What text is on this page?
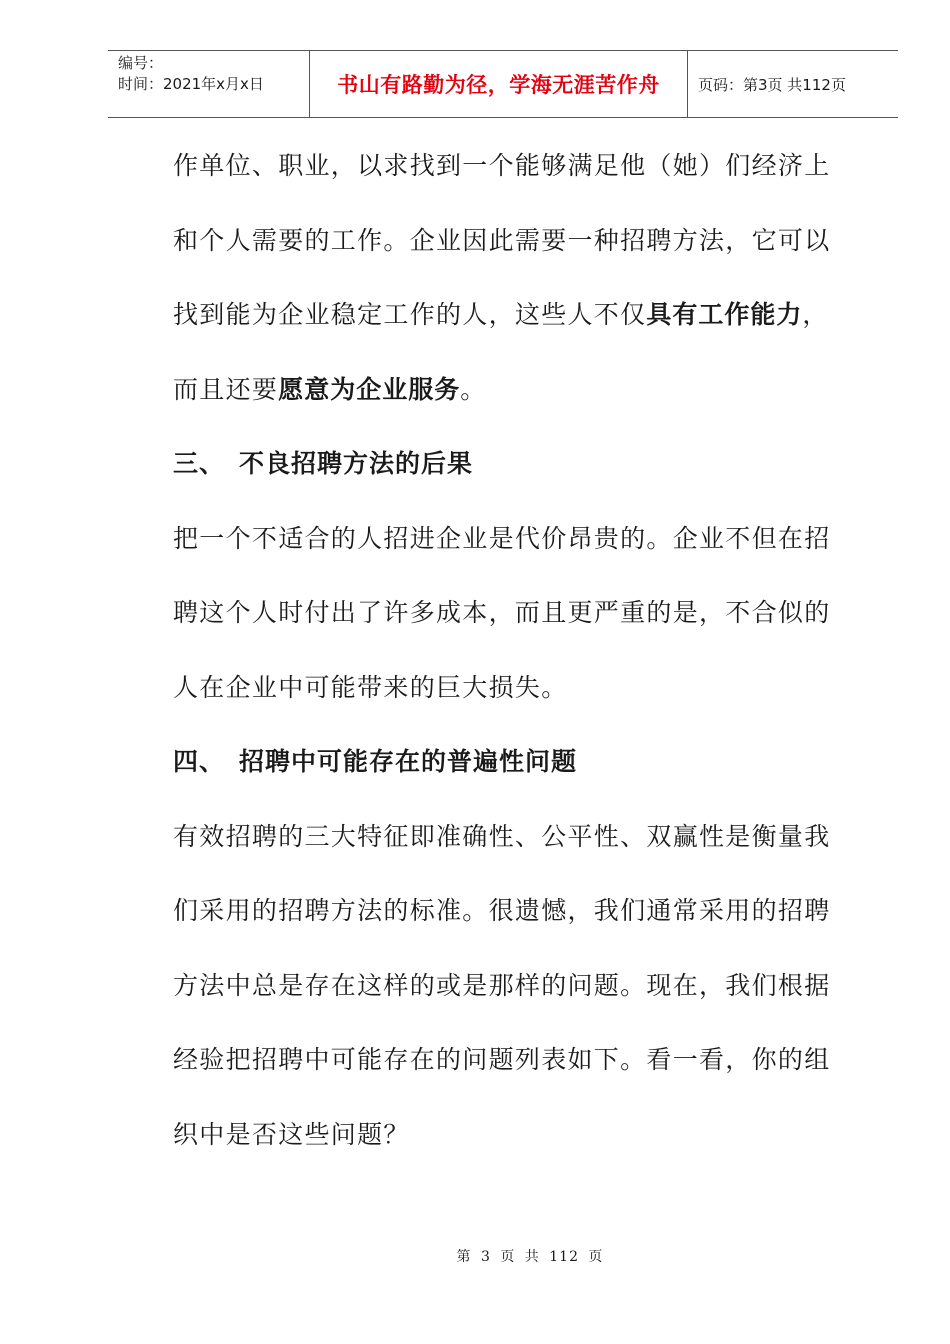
编号：
时间：2021年x月x日	书山有路勤为径，学海无涯苦作舟	页码：第3页 共112页
作单位、职业，以求找到一个能够满足他（她）们经济上
和个人需要的工作。企业因此需要一种招聘方法，它可以
找到能为企业稳定工作的人，这些人不仅具有工作能力，
而且还要愿意为企业服务。
三、 不良招聘方法的后果
把一个不适合的人招进企业是代价昂贵的。企业不但在招
聘这个人时付出了许多成本，而且更严重的是，不合似的
人在企业中可能带来的巨大损失。
四、 招聘中可能存在的普遍性问题
有效招聘的三大特征即准确性、公平性、双赢性是衡量我
们采用的招聘方法的标准。很遗憾，我们通常采用的招聘
方法中总是存在这样的或是那样的问题。现在，我们根据
经验把招聘中可能存在的问题列表如下。看一看，你的组
织中是否这些问题？
第 3 页 共 112 页
